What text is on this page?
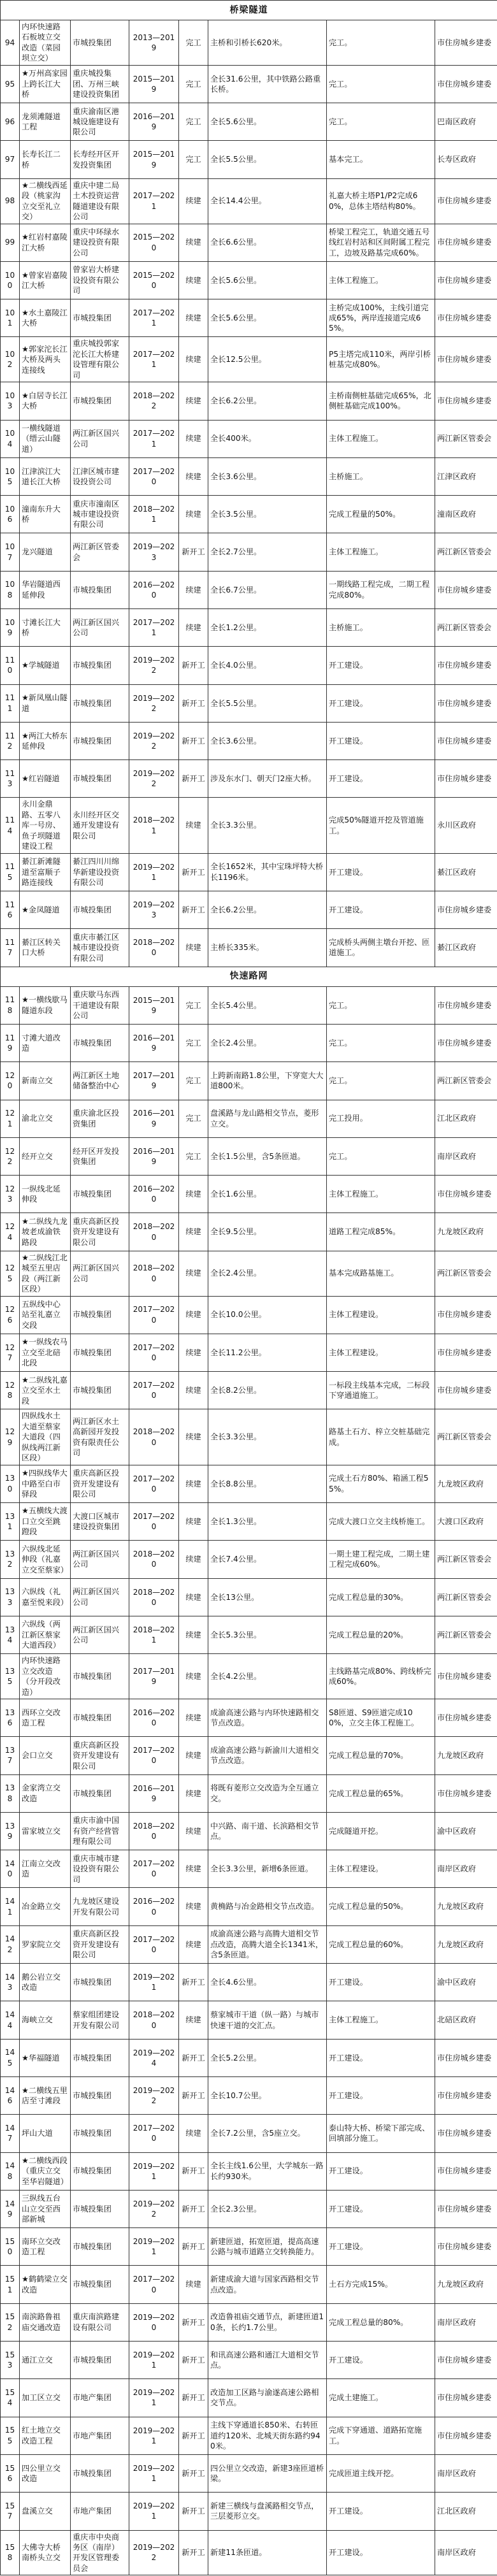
桥梁隧道							
94	内环快速路石板坡立交改造（菜园坝立交）	市城投集团	2013—2019	完工	主桥和引桥长620米。	完工。	市住房城乡建委
95	★万州高家园上跨长江大桥	重庆城投集团、万州三峡建设投资集团	2015—2019	完工	全长31.6公里，其中铁路公路重长桥。	完工。	市住房城乡建委
96	龙须滩隧道工程	重庆渝南区港城设施建设有限公司	2016—2019	完工	全长5.6公里。	完工。	巴南区政府
97	长寿长江二桥	长寿经开区开发投资集团	2015—2019	完工	全长5.5公里。	基本完工。	长寿区政府
98	★二横线西延段（桃家沟立交至礼立交）	重庆中建二局土木投资运营隧道建设有限公司	2017—2021	续建	全长14.4公里。	礼嘉大桥主塔P1/P2完成60%，总体主塔结构80%。	市住房城乡建委
99	★红岩村嘉陵江大桥	重庆中环绿水建设投资有限公司	2015—2020	续建	全长6.6公里。	桥梁工程完工，轨道交通五号线红岩村站和区间附属工程完工，边坡及路基完成60%。	市住房城乡建委
100	★曾家岩嘉陵江大桥	曾家岩大桥建设投资有限公司	2015—2020	续建	全长5.6公里。	主体工程施工。	市住房城乡建委
101	★水土嘉陵江大桥	市城投集团	2017—2021	续建	全长5.6公里。	主桥完成100%，主线引道完成65%，两岸连接道完成65%。	市住房城乡建委
102	★郭家沱长江大桥及两头连接线	重庆城投郭家沱长江大桥建设管理有限公司	2017—2021	续建	全长12.5公里。	P5主塔完成110米，两岸引桥桩基完成80%。	市住房城乡建委
103	★白居寺长江大桥	市城投集团	2018—2022	续建	全长6.2公里。	主桥南侧桩基础完成65%，北侧桩基础完成100%。	市住房城乡建委
104	一横线隧道（缙云山隧道）	两江新区国兴公司	2017—2021	续建	全长400米。	主体工程施工。	两江新区管委会
105	江津滨江大道长江大桥	江津区城市建设投资公司	2017—2020	续建	全长3.6公里。	主桥施工。	江津区政府
106	潼南东升大桥	重庆市潼南区城市建设投资有限公司	2018—2021	续建	全长3.5公里。	完成工程量的50%。	潼南区政府
107	龙兴隧道	两江新区管委会	2019—2023	新开工	全长2.7公里。	主体工程施工。	两江新区管委会
108	华岩隧道西延伸段	市城投集团	2016—2020	续建	全长6.7公里。	一期线路工程完成，二期工程完成80%。	市住房城乡建委
109	寸滩长江大桥	两江新区国兴公司	2017—2021	续建	全长1.2公里。	主桥施工。	两江新区管委会
110	★学城隧道	市城投集团	2019—2022	新开工	全长4.0公里。	开工建设。	市住房城乡建委
111	★新凤凰山隧道	市城投集团	2019—2022	新开工	全长5.5公里。	开工建设。	市住房城乡建委
112	★两江大桥东延伸段	市城投集团	2019—2022	新开工	全长3.6公里。	开工建设。	市住房城乡建委
113	★红岩隧道	市城投集团	2019—2022	新开工	涉及东水门、朝天门2座大桥。	开工建设。	市住房城乡建委
114	永川金鼎路、五零八库一号房、鱼子坝隧道建设工程	永川经开区交通开发建设有限公司	2018—2021	续建	全长3.3公里。	完成50%隧道开挖及管道施工。	永川区政府
115	綦江新滩隧道至富顺子路连接线	綦江四川川绵华新建设投资有限公司	2019—2021	新开工	全长1652米，其中宝珠坪特大桥长1196米。	开工建设。	綦江区政府
116	★金凤隧道	市城投集团	2019—2023	新开工	全长6.2公里。	开工建设。	市住房城乡建委
117	綦江区转关口大桥	重庆市綦江区城市建设投资有限公司	2018—2020	续建	主桥长335米。	完成桥头两侧主墩台开挖、匝道施工。	綦江区政府
快速路网							
118	★一横线歇马隧道东段	重庆歇马东西干道建设有限公司	2015—2019	完工	全长5.4公里。	完工。	市住房城乡建委
119	寸滩大道改造	市城投集团	2016—2019	完工	全长2.4公里。	完工。	市住房城乡建委
120	新南立交	两江新区土地储备整治中心	2017—2019	完工	上跨新南路1.8公里，下穿宽大大道800米。	完工。	两江新区管委会
121	渝北立交	重庆渝北区投资集团	2016—2019	完工	盘溪路与龙山路相交节点，菱形立交。	完工投用。	江北区政府
122	经开立交	经开区开发投资集团	2016—2019	完工	全长1.5公里，含5条匝道。	完工。	南岸区政府
123	一纵线北延伸段	市城投集团	2016—2020	续建	全长1.6公里。	主体工程施工。	市住房城乡建委
124	★二纵线九龙坡老成渝铁路段	重庆高新区投资开发建设有限公司	2018—2020	续建	全长9.5公里。	道路工程完成85%。	九龙坡区政府
125	★二纵线江北城至五里店段（两江新区段）	两江新区国兴公司	2018—2020	续建	全长2.4公里。	基本完成路基施工。	两江新区管委会
126	五纵线中心站至礼嘉立交段	市城投集团	2017—2020	续建	全长10.0公里。	主体工程建设。	市住房城乡建委
127	★一纵线农马立交至北碚北段	市城投集团	2017—2020	续建	全长11.2公里。	主体工程建设。	市住房城乡建委
128	★二纵线礼嘉立交至水土段	市城投集团	2017—2020	续建	全长8.2公里。	一标段主线基本完成，二标段下穿通道施工。	市住房城乡建委
129	四纵线水土大道至蔡家大道段（四纵线两江新区段）	两江新区水土高新园开发投资有限责任公司	2018—2020	续建	全长3.3公里。	路基土石方、梓立交桩基础完成。	两江新区管委会
130	★四纵线华大中路至白市驿段	重庆高新区投资开发建设有限公司	2017—2020	续建	全长8.8公里。	完成土石方80%、箱涵工程55%。	九龙坡区政府
131	★五横线大渡口立交至跳蹬段	大渡口区城市建设投资集团	2017—2020	续建	全长1.3公里。	完成大渡口立交主线桥施工。	大渡口区政府
132	六纵线北延伸段（礼嘉立交至蔡家）	两江新区国兴公司	2018—2020	续建	全长7.4公里。	一期土建工程完成，二期土建工程完成60%。	两江新区管委会
133	六纵线（礼嘉至悦来段）	两江新区国兴公司	2018—2020	续建	全长13公里。	完成工程总量的30%。	两江新区管委会
134	六纵线（两江新区蔡家大道西段）	两江新区国兴公司	2018—2021	续建	全长5.3公里。	完成工程总量的20%。	两江新区管委会
135	内环快速路立交改造（分开段改造）	市城投集团	2017—2019	续建	全长4.2公里。	主线路基完成80%、跨线桥完成60%。	市住房城乡建委
136	西环立交改造工程	市城投集团	2016—2020	续建	成渝高速公路与内环快速路相交节点改造。	S8匝道、S9匝道完成100%，立交主体工程施工。	市住房城乡建委
137	会口立交	重庆高新区投资开发建设有限公司	2017—2020	续建	成渝高速公路与新渝川大道相交节点改造。	完成工程总量的70%。	九龙坡区政府
138	金家湾立交改造	市城投集团	2016—2019	续建	将既有菱形立交改造为全互通立交。	完成工程总量的65%。	市住房城乡建委
139	雷家坡立交	重庆市渝中国有资产经营管理有限公司	2018—2020	续建	中兴路、南干道、长滨路相交节点。	完成隧道开挖。	渝中区政府
140	江南立交改造	重庆市城市建设投资有限公司	2017—2020	续建	全长3.3公里，新增6条匝道。	主体工程建设。	南岸区政府
141	冶金路立交	九龙坡区建设开发有限公司	2016—2020	续建	黄桷路与冶金路相交节点改造。	完成工程总量的50%。	九龙坡区政府
142	罗家院立交	重庆高新区投资开发建设有限公司	2017—2020	续建	成渝高速公路与高腾大道相交节点改造，高腾大道全长1341米，含5条匝道。	完成工程总量的60%。	九龙坡区政府
143	鹅公岩立交改造	市城投集团	2019—2021	新开工	全长4.6公里。	开工建设。	渝中区政府
144	海峡立交	蔡家组团建设开发有限公司	2018—2020	续建	蔡家城市干道（纵一路）与城市快速干道的交汇点。	主体工程施工。	北碚区政府
145	★华福隧道	市城投集团	2019—2024	新开工	全长5.2公里。	开工建设。	市住房城乡建委
146	★二横线五里店至寸滩段	市城投集团	2019—2022	新开工	全长10.7公里。	开工建设。	市住房城乡建委
147	坪山大道	市城投集团	2017—2020	续建	全长7.2公里，含5座立交。	泰山特大桥、桥梁下部完成、回填部分施工。	市住房城乡建委
148	★二横线西段（重庆立交至华岩隧道）	市城投集团	2019—2021	新开工	全长主线1.6公里，大学城东一路长约930米。	开工建设。	市住房城乡建委
149	三纵线五台山立交至西部新城	市城投集团	2019—2022	新开工	全长2.3公里。	开工建设。	市住房城乡建委
150	南环立交改造工程	市城投集团	2019—2021	新开工	新建匝道，拓宽匝道，提高高速公路与城市道路立交转换能力。	开工建设。	市住房城乡建委
151	★鹤鹤梁立交改造	市城投集团	2017—2020	续建	新建成渝大道与国家西路相交节点改造。	土石方完成15%。	九龙坡区政府
152	南滨路鲁祖庙交通改造	重庆南滨路建设有限公司	2019—2020	新开工	改造鲁祖庙交通节点，新建匝道10条，长约1.7公里。	完成工程总量的80%。	南岸区政府
153	通江立交	市城投集团	2019—2021	新开工	和讯高速公路和通江大道相交节点。	开工建设。	市住房城乡建委
154	加工区立交	市地产集团	2019—2021	新开工	改造加工区路与渝遂高速公路相交节点。	完成土建施工。	市住房城乡建委
155	红土地立交改造工程	市地产集团	2019—2021	新开工	主线下穿通道长850米、右转匝道约120米、北城天街东路约940米。	完成下穿通道、道路拓宽施工。	市住房城乡建委
156	四公里立交改造	市城投集团	2019—2021	新开工	四公里立交改造，新建3座匝道桥梁。	完成匝道主线开挖。	南岸区政府
157	盘溪立交	市地产集团	2019—2021	新开工	新建三横线与盘溪路相交节点，三层菱形立交。	开工建设。	江北区政府
158	大佛寺大桥南桥头立交	重庆市中央商务区（南岸）开发区管理委员会	2019—2022	新开工	新建11条匝道。	开工建设。	南岸区政府
